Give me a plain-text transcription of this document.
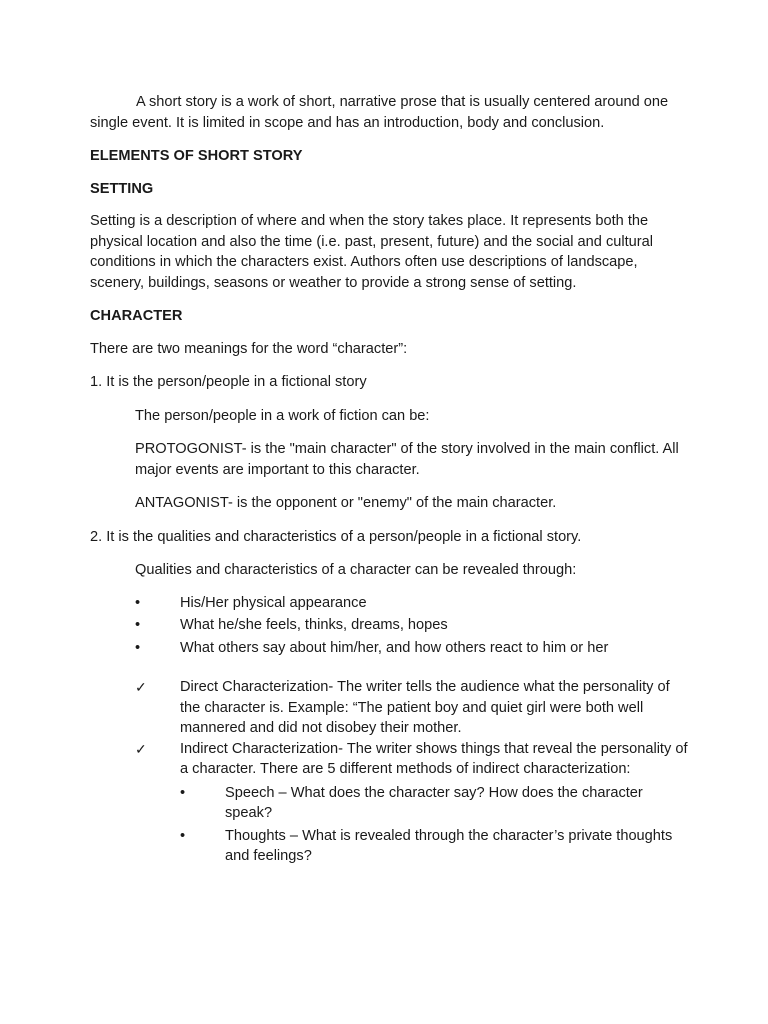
A short story is a work of short, narrative prose that is usually centered around one single event. It is limited in scope and has an introduction, body and conclusion.

ELEMENTS OF SHORT STORY

SETTING

Setting is a description of where and when the story takes place. It represents both the physical location and also the time (i.e. past, present, future) and the social and cultural conditions in which the characters exist. Authors often use descriptions of landscape, scenery, buildings, seasons or weather to provide a strong sense of setting.

CHARACTER

There are two meanings for the word “character”:

1. It is the person/people in a fictional story

The person/people in a work of fiction can be:

PROTOGONIST- is the "main character" of the story involved in the main conflict. All major events are important to this character.

ANTAGONIST- is the opponent or "enemy" of the main character.

2. It is the qualities and characteristics of a person/people in a fictional story.

Qualities and characteristics of a character can be revealed through:

•	His/Her physical appearance
•	What he/she feels, thinks, dreams, hopes
•	What others say about him/her, and how others react to him or her
✓ Direct Characterization- The writer tells the audience what the personality of the character is. Example: “The patient boy and quiet girl were both well mannered and did not disobey their mother.
✓ Indirect Characterization- The writer shows things that reveal the personality of a character. There are 5 different methods of indirect characterization:
•	Speech – What does the character say? How does the character speak?
•	Thoughts – What is revealed through the character’s private thoughts and feelings?
